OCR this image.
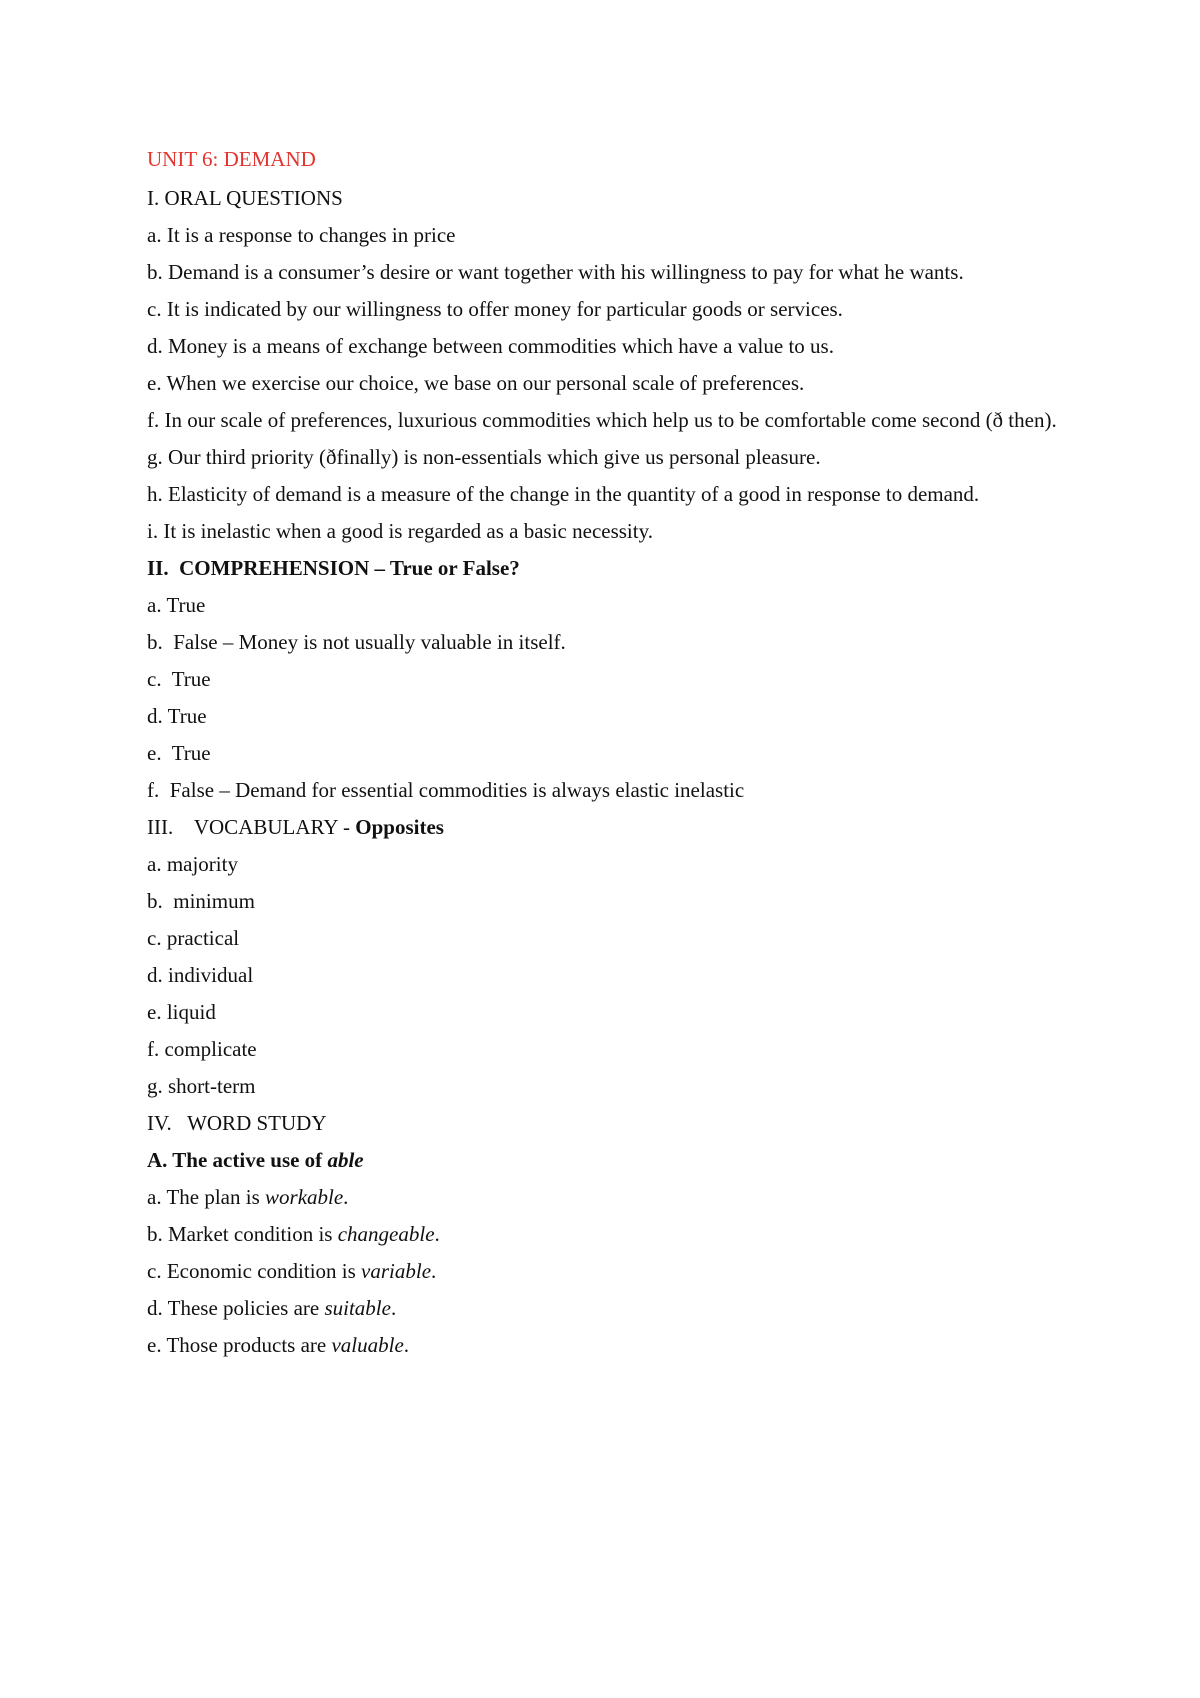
UNIT 6: DEMAND
I. ORAL QUESTIONS
a. It is a response to changes in price
b. Demand is a consumer’s desire or want together with his willingness to pay for what he wants.
c. It is indicated by our willingness to offer money for particular goods or services.
d. Money is a means of exchange between commodities which have a value to us.
e. When we exercise our choice, we base on our personal scale of preferences.
f. In our scale of preferences, luxurious commodities which help us to be comfortable come second (ð then).
g. Our third priority (ðfinally) is non-essentials which give us personal pleasure.
h. Elasticity of demand is a measure of the change in the quantity of a good in response to demand.
i. It is inelastic when a good is regarded as a basic necessity.
II.  COMPREHENSION – True or False?
a. True
b.  False – Money is not usually valuable in itself.
c.  True
d. True
e.  True
f.  False – Demand for essential commodities is always elastic inelastic
III.    VOCABULARY - Opposites
a. majority
b.  minimum
c. practical
d. individual
e. liquid
f. complicate
g. short-term
IV.   WORD STUDY
A. The active use of able
a. The plan is workable.
b. Market condition is changeable.
c. Economic condition is variable.
d. These policies are suitable.
e. Those products are valuable.
